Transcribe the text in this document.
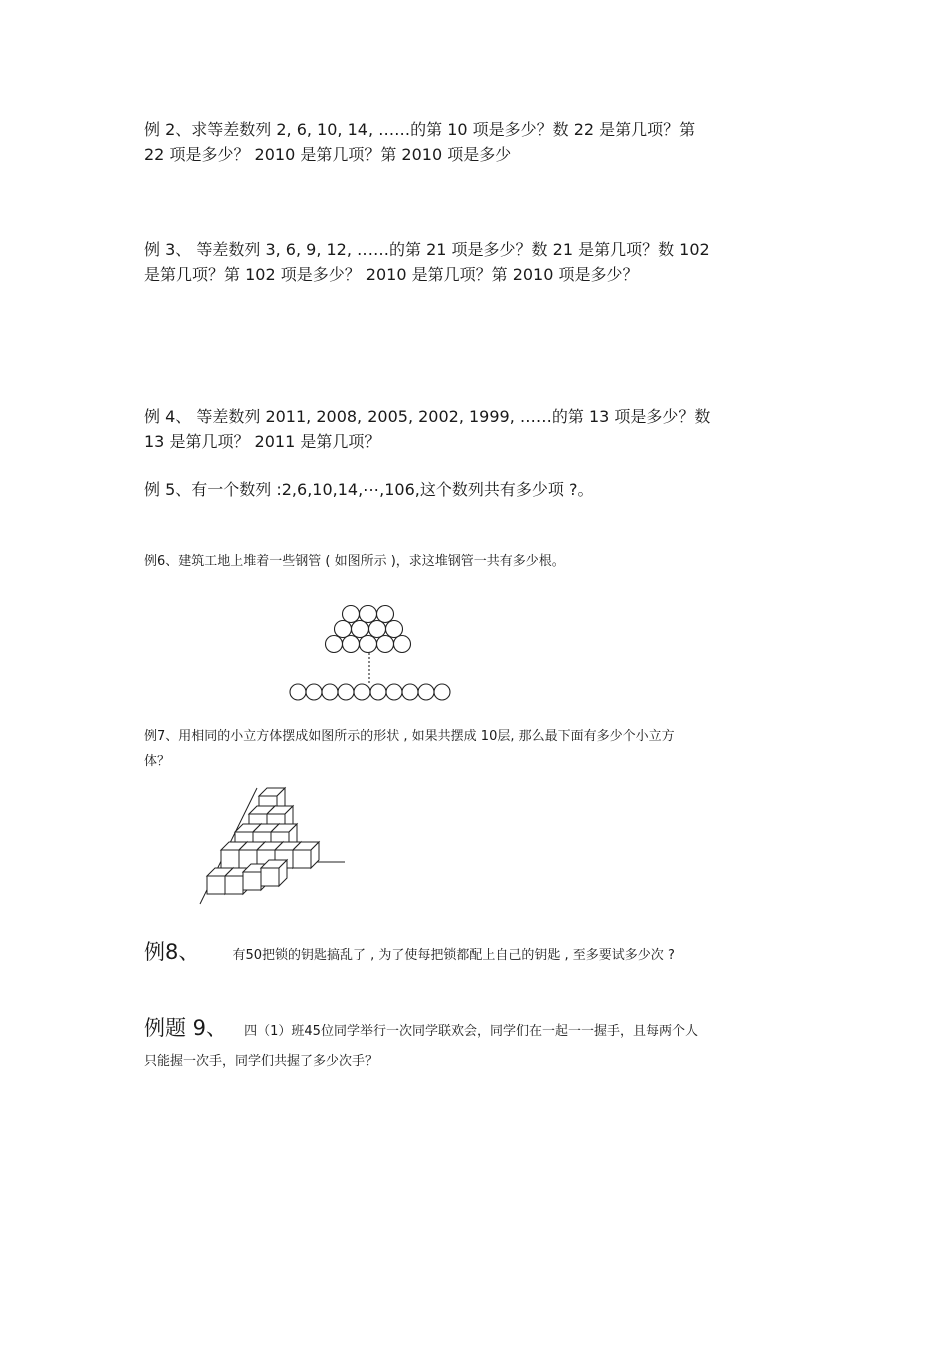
例 2、求等差数列 2, 6, 10, 14, ……的第 10 项是多少？数 22 是第几项？第
22 项是多少？ 2010 是第几项？第 2010 项是多少
例 3、 等差数列 3, 6, 9, 12, ……的第 21 项是多少？数 21 是第几项？数 102
是第几项？第 102 项是多少？ 2010 是第几项？第 2010 项是多少？
例 4、 等差数列 2011, 2008, 2005, 2002, 1999, ……的第 13 项是多少？数
13 是第几项？ 2011 是第几项？
例 5、有一个数列 :2,6,10,14,⋯,106,这个数列共有多少项 ?。
例6、建筑工地上堆着一些钢管 ( 如图所示 )，求这堆钢管一共有多少根。
例7、用相同的小立方体摆成如图所示的形状 , 如果共摆成 10层, 那么最下面有多少个小立方
体？
例8、	有50把锁的钥匙搞乱了 , 为了使每把锁都配上自己的钥匙 , 至多要试多少次 ?
例题 9、 四（1）班45位同学举行一次同学联欢会，同学们在一起一一握手，且每两个人
只能握一次手，同学们共握了多少次手？
